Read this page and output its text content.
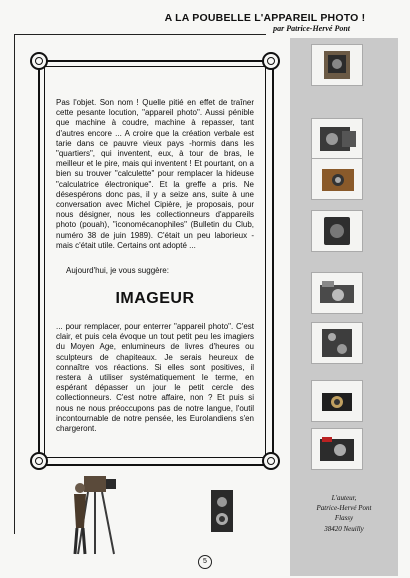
A LA POUBELLE L'APPAREIL PHOTO !
par Patrice-Hervé Pont
L'auteur,
Patrice-Hervé Pont
Flassy
38420 Neuilly

Pas l'objet. Son nom ! Quelle pitié en effet de traîner cette pesante locution, "appareil photo". Aussi pénible que machine à coudre, machine à repasser, tant d'autres encore ... A croire que la création verbale est tarie dans ce pauvre vieux pays -hormis dans les "quartiers", qui inventent, eux, à tour de bras, le meilleur et le pire, mais qui inventent ! Et pourtant, on a bien su trouver "calculette" pour remplacer la hideuse "calculatrice électronique". Et la greffe a pris. Ne désespérons donc pas, il y a seize ans, suite à une conversation avec Michel Cipière, je proposais, pour nous désigner, nous les collectionneurs d'appareils photo (pouah), "iconomécanophiles" (Bulletin du Club, numéro 38 de juin 1989). C'était un peu laborieux - mais c'était utile. Certains ont adopté ...

Aujourd'hui, je vous suggère:
IMAGEUR

... pour remplacer, pour enterrer "appareil photo". C'est clair, et puis cela évoque un tout petit peu les imagiers du Moyen Age, enlumineurs de livres d'heures ou sculpteurs de chapiteaux. Je serais heureux de connaître vos réactions. Si elles sont positives, il restera à utiliser systématiquement le terme, en espérant dépasser un jour le petit cercle des collectionneurs. C'est notre affaire, non ? Et puis si nous ne nous préoccupons pas de notre langue, l'outil incontournable de notre pensée, les Eurolandiens s'en chargeront.

5
